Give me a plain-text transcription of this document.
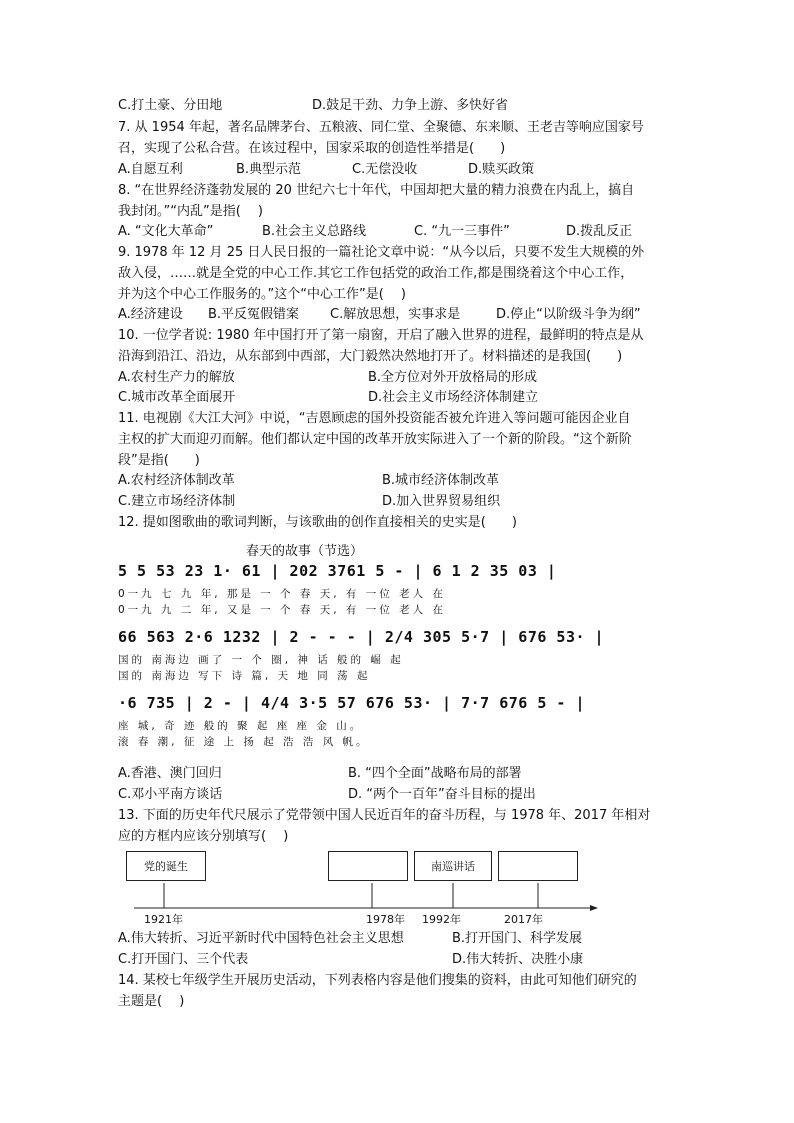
C.打土豪、分田地	D.鼓足干劲、力争上游、多快好省
7. 从 1954 年起，著名品牌茅台、五粮液、同仁堂、全聚德、东来顺、王老吉等响应国家号
召，实现了公私合营。在该过程中，国家采取的创造性举措是(　　)
A.自愿互利	B.典型示范	C.无偿没收	D.赎买政策
8. “在世界经济蓬勃发展的 20 世纪六七十年代，中国却把大量的精力浪费在内乱上，搞自
我封闭。”“内乱”是指(　 )
A. “文化大革命”	B.社会主义总路线	C. “九一三事件”	D.拨乱反正
9. 1978 年 12 月 25 日人民日报的一篇社论文章中说：“从今以后，只要不发生大规模的外
敌入侵，……就是全党的中心工作.其它工作包括党的政治工作,都是围绕着这个中心工作，
并为这个中心工作服务的。”这个“中心工作”是(　 )
A.经济建设 B.平反冤假错案 C.解放思想，实事求是	D.停止“以阶级斗争为纲”
10. 一位学者说: 1980 年中国打开了第一扇窗，开启了融入世界的进程，最鲜明的特点是从
沿海到沿江、沿边，从东部到中西部，大门毅然决然地打开了。材料描述的是我国(　　)
A.农村生产力的解放	B.全方位对外开放格局的形成
C.城市改革全面展开	D.社会主义市场经济体制建立
11. 电视剧《大江大河》中说，“吉恩顾虑的国外投资能否被允许进入等问题可能因企业自
主权的扩大而迎刃而解。他们都认定中国的改革开放实际进入了一个新的阶段。“这个新阶
段”是指(　　)
A.农村经济体制改革	B.城市经济体制改革
C.建立市场经济体制	D.加入世界贸易组织
12. 提如图歌曲的歌词判断，与该歌曲的创作直接相关的史实是(　　)
春天的故事（节选）
5 5 53 23 1· 61 | 202 3761 5 - | 6 1 2 35 03 |
0一九 七 九 年, 那是 一 个 春 天, 有 一位 老人 在
0一九 九 二 年, 又是 一 个 春 天, 有 一位 老人 在
66 563 2·6 1232 | 2 - - - | 2/4 305 5·7 | 676 53· |
国的 南海边 画了 一 个 圈, 神 话 般的 崛 起
国的 南海边 写下 诗 篇, 天 地 同 荡 起
·6 735 | 2 - | 4/4 3·5 57 676 53· | 7·7 676 5 - |
座 城, 奇 迹 般的 聚 起 座 座 金 山。
滚 春 潮, 征 途 上 扬 起 浩 浩 风 帆。
A.香港、澳门回归	B. “四个全面”战略布局的部署
C.邓小平南方谈话	D. “两个一百年”奋斗目标的提出
13. 下面的历史年代尺展示了党带领中国人民近百年的奋斗历程，与 1978 年、2017 年相对
应的方框内应该分别填写(　 )
党的诞生	南巡讲话
1921年	1978年 1992年	2017年
A.伟大转折、习近平新时代中国特色社会主义思想	B.打开国门、科学发展
C.打开国门、三个代表	D.伟大转折、决胜小康
14. 某校七年级学生开展历史活动，下列表格内容是他们搜集的资料，由此可知他们研究的
主题是(　 )
